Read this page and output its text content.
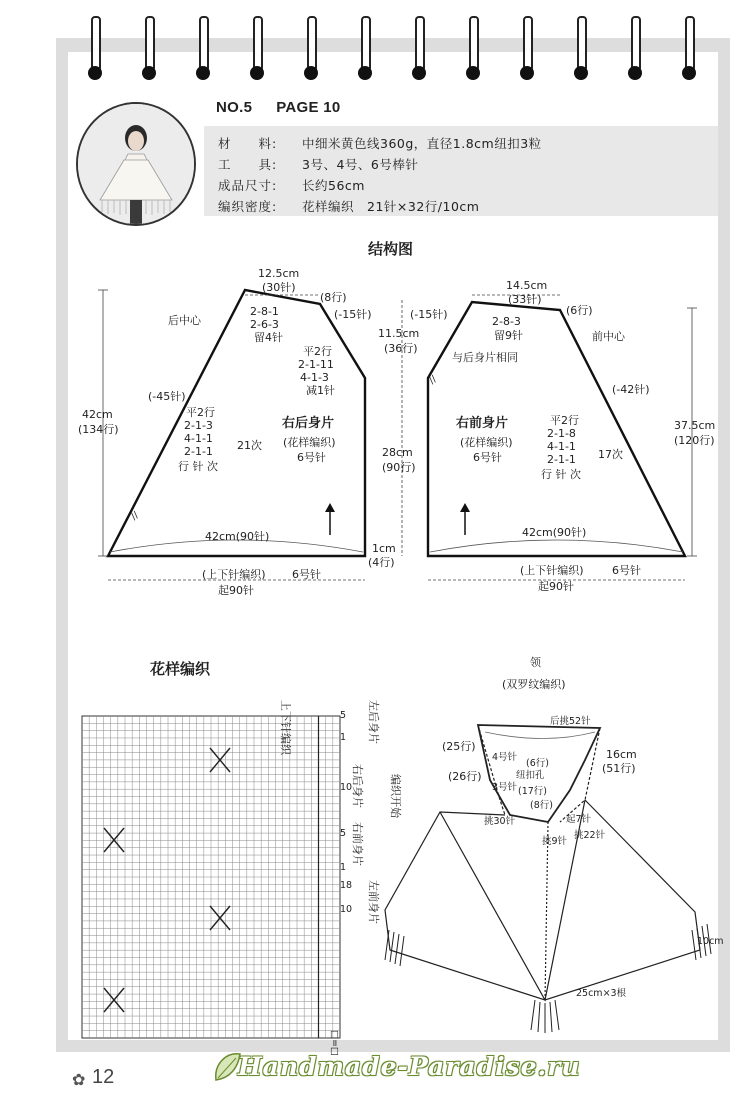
NO.5 PAGE 10
材　　料: 中细米黄色线360g，直径1.8cm纽扣3粒
工　　具: 3号、4号、6号棒针
成品尺寸: 长约56cm
编织密度: 花样编织　21针×32行/10cm
结构图
//
12.5cm
(30针)
(8行)
(-15针)
后中心
2-8-1
2-6-3
留4针
平2行
2-1-11
4-1-3
减1针
(-45针)
42cm
(134行)
平2行
2-1-3
4-1-1
2-1-1
行 针 次
21次
右后身片
(花样编织)
6号针
42cm(90针)
(上下针编织) 6号针
起90针
11.5cm
(36行)
28cm
(90行)
1cm
(4行)
//
14.5cm
(33针)
(6行)
(-15针)
前中心
2-8-3
留9针
与后身片相同
(-42针)
37.5cm
(120行)
右前身片
(花样编织)
6号针
平2行
2-1-8
4-1-1
2-1-1
行 针 次
17次
42cm(90针)
(上下针编织)	6号针
起90针
上下针编织	左后身片
右后身片
右前身片
左前身片
编织开始
5
1
10
5
1
18
10
□=□
领
(双罗纹编织)
后挑52针
(25行)
(26行)
4号针
(6行)
纽扣孔
3号针 (17行)
(8行)
挑30针	起7针
挑22针
挑9针
16cm
(51行)
10cm
25cm×3根
花样编织
✿ 12	Handmade-Paradise.ru
